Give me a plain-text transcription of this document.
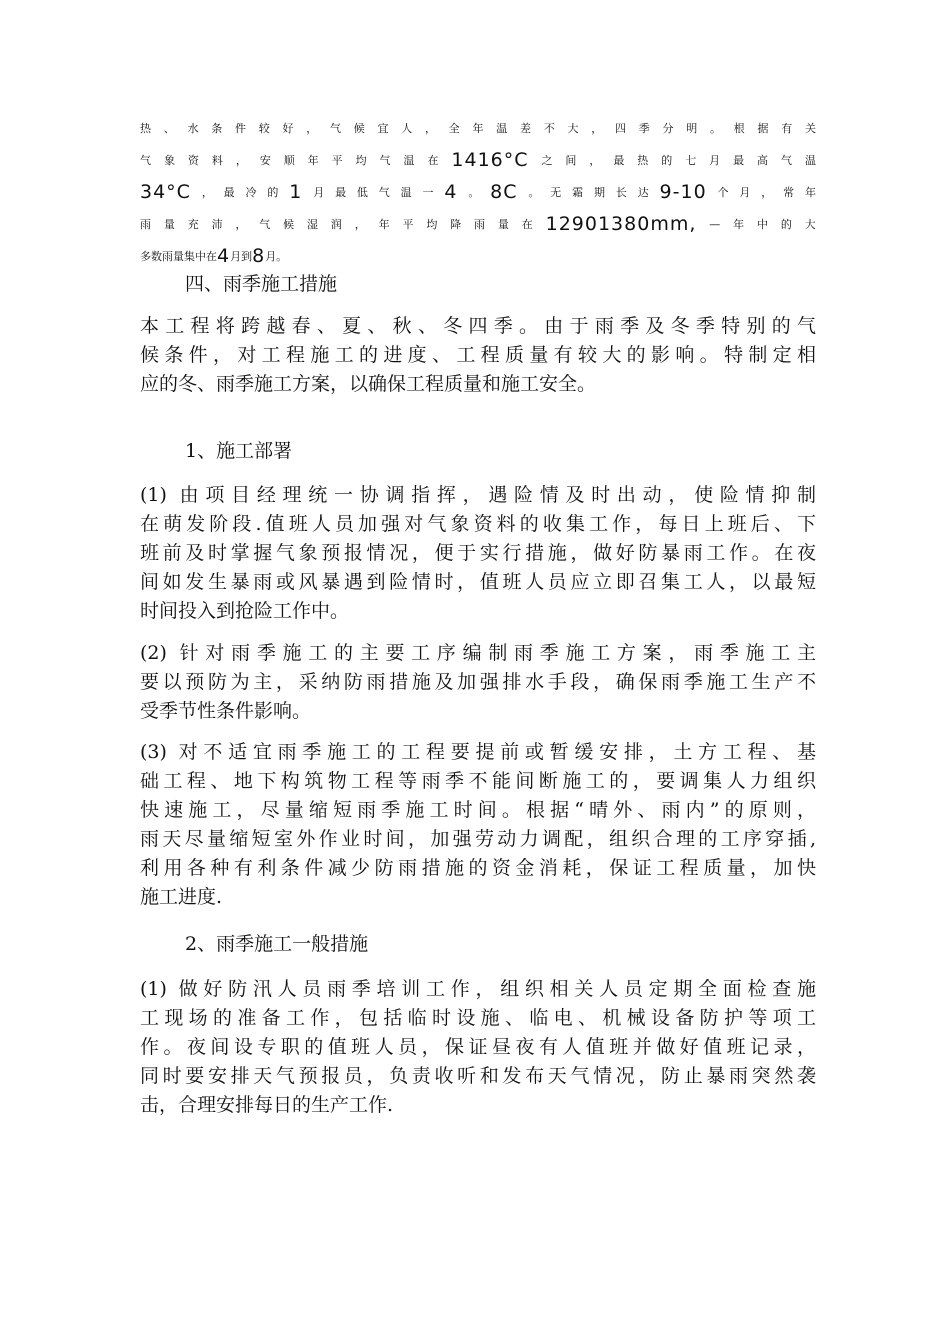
热 、 水 条 件 较 好 ， 气 候 宜 人 ， 全 年 温 差 不 大 ， 四 季 分 明 。 根 据 有 关
气 象 资 料 ， 安 顺 年 平 均 气 温 在 1416°C 之 间 ， 最 热 的 七 月 最 高 气 温
34°C ， 最 冷 的 1 月 最 低 气 温 一 4 。 8C 。 无 霜 期 长 达 9-10 个 月 ， 常 年
雨 量 充 沛 ， 气 候 湿 润 ， 年 平 均 降 雨 量 在 12901380mm, — 年 中 的 大
多数雨量集中在 4 月到 8 月。
四、雨季施工措施
本工程将跨越春、夏、秋、冬四季。由于雨季及冬季特别的气
候条件，对工程施工的进度、工程质量有较大的影响。特制定相
应的冬、雨季施工方案，以确保工程质量和施工安全。
1、施工部署
(1) 由项目经理统一协调指挥，遇险情及时出动，使险情抑制
在萌发阶段.值班人员加强对气象资料的收集工作，每日上班后、下
班前及时掌握气象预报情况，便于实行措施，做好防暴雨工作。在夜
间如发生暴雨或风暴遇到险情时，值班人员应立即召集工人，以最短
时间投入到抢险工作中。
(2) 针对雨季施工的主要工序编制雨季施工方案，雨季施工主
要以预防为主，采纳防雨措施及加强排水手段，确保雨季施工生产不
受季节性条件影响。
(3) 对不适宜雨季施工的工程要提前或暂缓安排，土方工程、基
础工程、地下构筑物工程等雨季不能间断施工的，要调集人力组织
快速施工，尽量缩短雨季施工时间。根据“晴外、雨内”的原则，
雨天尽量缩短室外作业时间，加强劳动力调配，组织合理的工序穿插,
利用各种有利条件减少防雨措施的资金消耗，保证工程质量，加快
施工进度.
2、雨季施工一般措施
(1) 做好防汛人员雨季培训工作，组织相关人员定期全面检查施
工现场的准备工作，包括临时设施、临电、机械设备防护等项工
作。夜间设专职的值班人员，保证昼夜有人值班并做好值班记录，
同时要安排天气预报员，负责收听和发布天气情况，防止暴雨突然袭
击，合理安排每日的生产工作.
